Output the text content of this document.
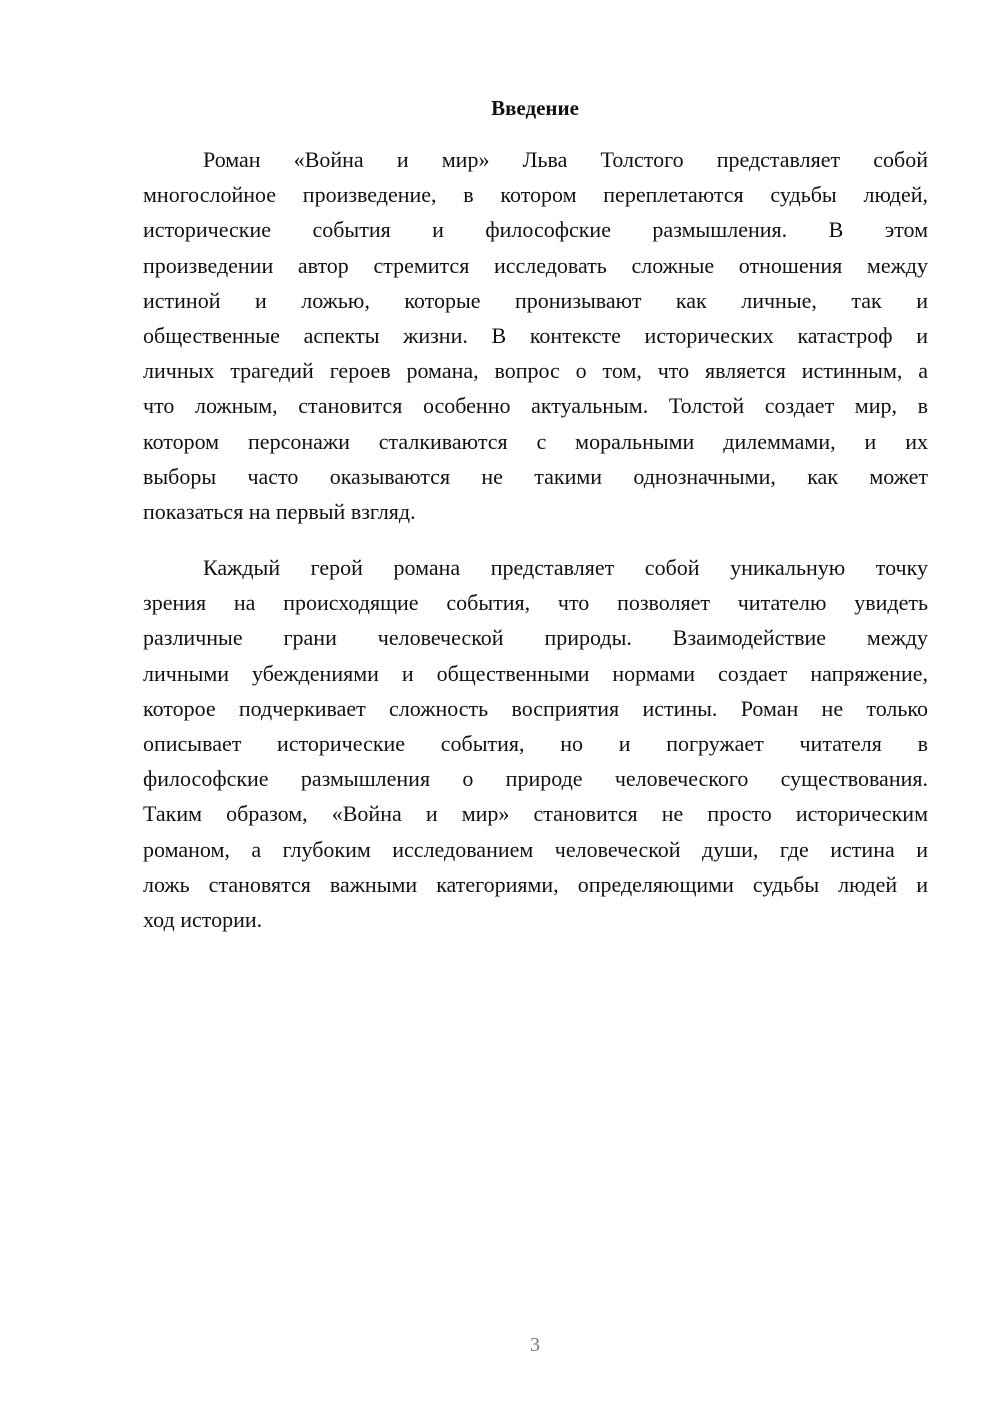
Введение
Роман «Война и мир» Льва Толстого представляет собой
многослойное произведение, в котором переплетаются судьбы людей,
исторические события и философские размышления. В этом
произведении автор стремится исследовать сложные отношения между
истиной и ложью, которые пронизывают как личные, так и
общественные аспекты жизни. В контексте исторических катастроф и
личных трагедий героев романа, вопрос о том, что является истинным, а
что ложным, становится особенно актуальным. Толстой создает мир, в
котором персонажи сталкиваются с моральными дилеммами, и их
выборы часто оказываются не такими однозначными, как может
показаться на первый взгляд.
Каждый герой романа представляет собой уникальную точку
зрения на происходящие события, что позволяет читателю увидеть
различные грани человеческой природы. Взаимодействие между
личными убеждениями и общественными нормами создает напряжение,
которое подчеркивает сложность восприятия истины. Роман не только
описывает исторические события, но и погружает читателя в
философские размышления о природе человеческого существования.
Таким образом, «Война и мир» становится не просто историческим
романом, а глубоким исследованием человеческой души, где истина и
ложь становятся важными категориями, определяющими судьбы людей и
ход истории.
3
